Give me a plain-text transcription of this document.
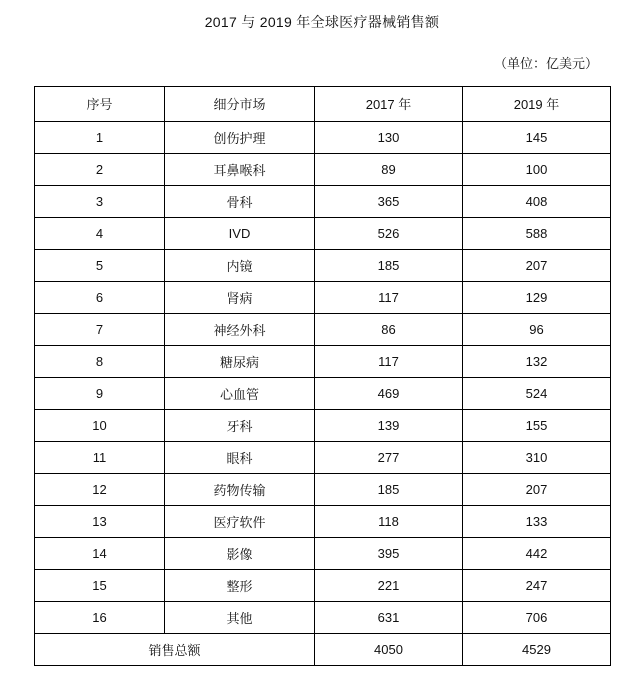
2017 与 2019 年全球医疗器械销售额
（单位：亿美元）
序号	细分市场	2017 年	2019 年
1	创伤护理	130	145
2	耳鼻喉科	89	100
3	骨科	365	408
4	IVD	526	588
5	内镜	185	207
6	肾病	117	129
7	神经外科	86	96
8	糖尿病	117	132
9	心血管	469	524
10	牙科	139	155
11	眼科	277	310
12	药物传输	185	207
13	医疗软件	118	133
14	影像	395	442
15	整形	221	247
16	其他	631	706
销售总额		4050	4529
